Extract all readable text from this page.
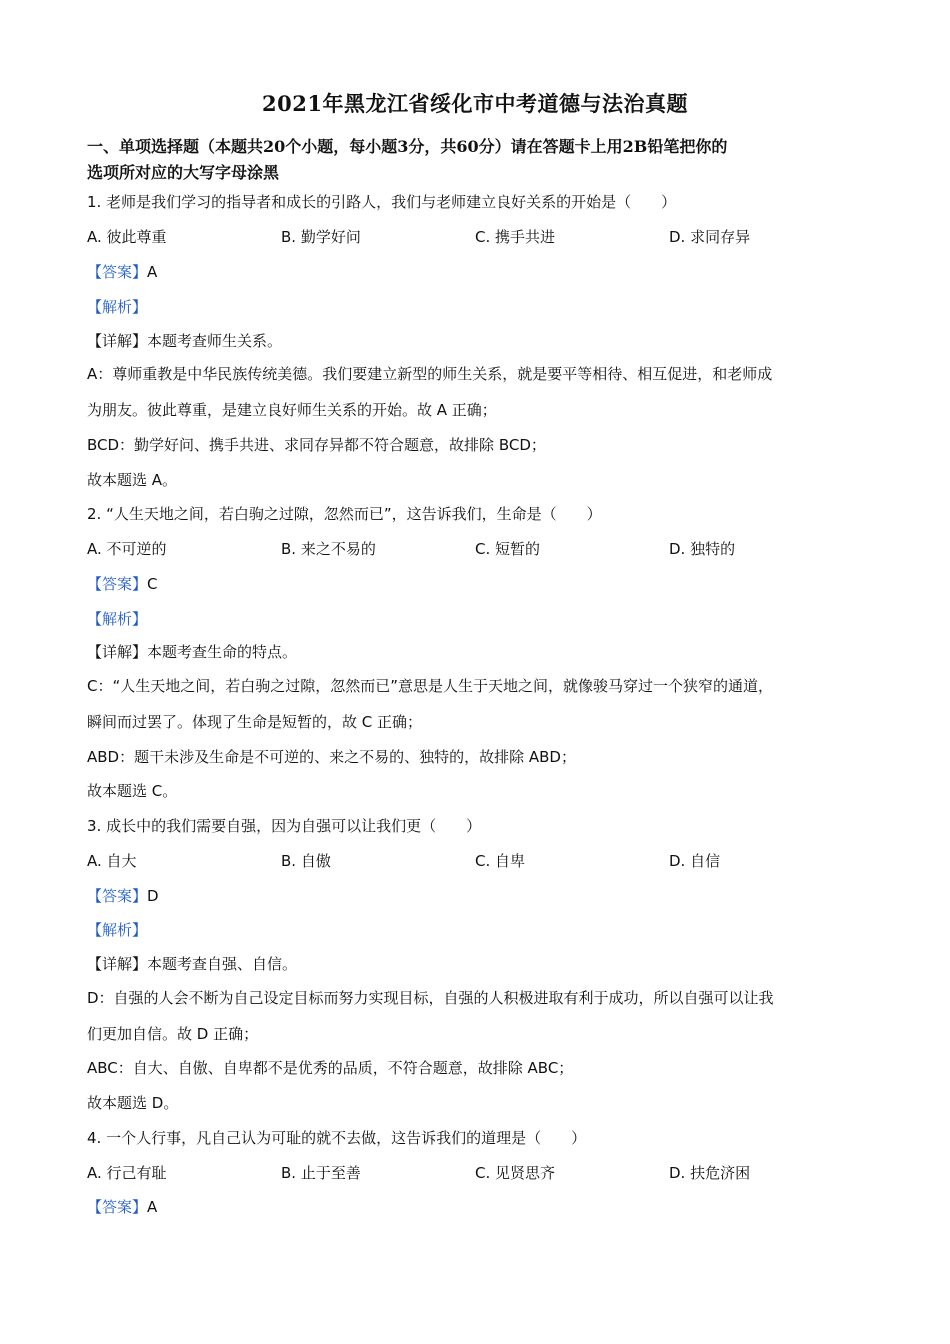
2021年黑龙江省绥化市中考道德与法治真题
一、单项选择题（本题共20个小题，每小题3分，共60分）请在答题卡上用2B铅笔把你的
选项所对应的大写字母涂黑
1. 老师是我们学习的指导者和成长的引路人，我们与老师建立良好关系的开始是（　　）
A. 彼此尊重	B. 勤学好问	C. 携手共进	D. 求同存异
【答案】A
【解析】
【详解】本题考查师生关系。
A：尊师重教是中华民族传统美德。我们要建立新型的师生关系，就是要平等相待、相互促进，和老师成
为朋友。彼此尊重，是建立良好师生关系的开始。故 A 正确；
BCD：勤学好问、携手共进、求同存异都不符合题意，故排除 BCD；
故本题选 A。
2. “人生天地之间，若白驹之过隙，忽然而已”，这告诉我们，生命是（　　）
A. 不可逆的	B. 来之不易的	C. 短暂的	D. 独特的
【答案】C
【解析】
【详解】本题考查生命的特点。
C：“人生天地之间，若白驹之过隙，忽然而已”意思是人生于天地之间，就像骏马穿过一个狭窄的通道，
瞬间而过罢了。体现了生命是短暂的，故 C 正确；
ABD：题干未涉及生命是不可逆的、来之不易的、独特的，故排除 ABD；
故本题选 C。
3. 成长中的我们需要自强，因为自强可以让我们更（　　）
A. 自大	B. 自傲	C. 自卑	D. 自信
【答案】D
【解析】
【详解】本题考查自强、自信。
D：自强的人会不断为自己设定目标而努力实现目标，自强的人积极进取有利于成功，所以自强可以让我
们更加自信。故 D 正确；
ABC：自大、自傲、自卑都不是优秀的品质，不符合题意，故排除 ABC；
故本题选 D。
4. 一个人行事，凡自己认为可耻的就不去做，这告诉我们的道理是（　　）
A. 行己有耻	B. 止于至善	C. 见贤思齐	D. 扶危济困
【答案】A
